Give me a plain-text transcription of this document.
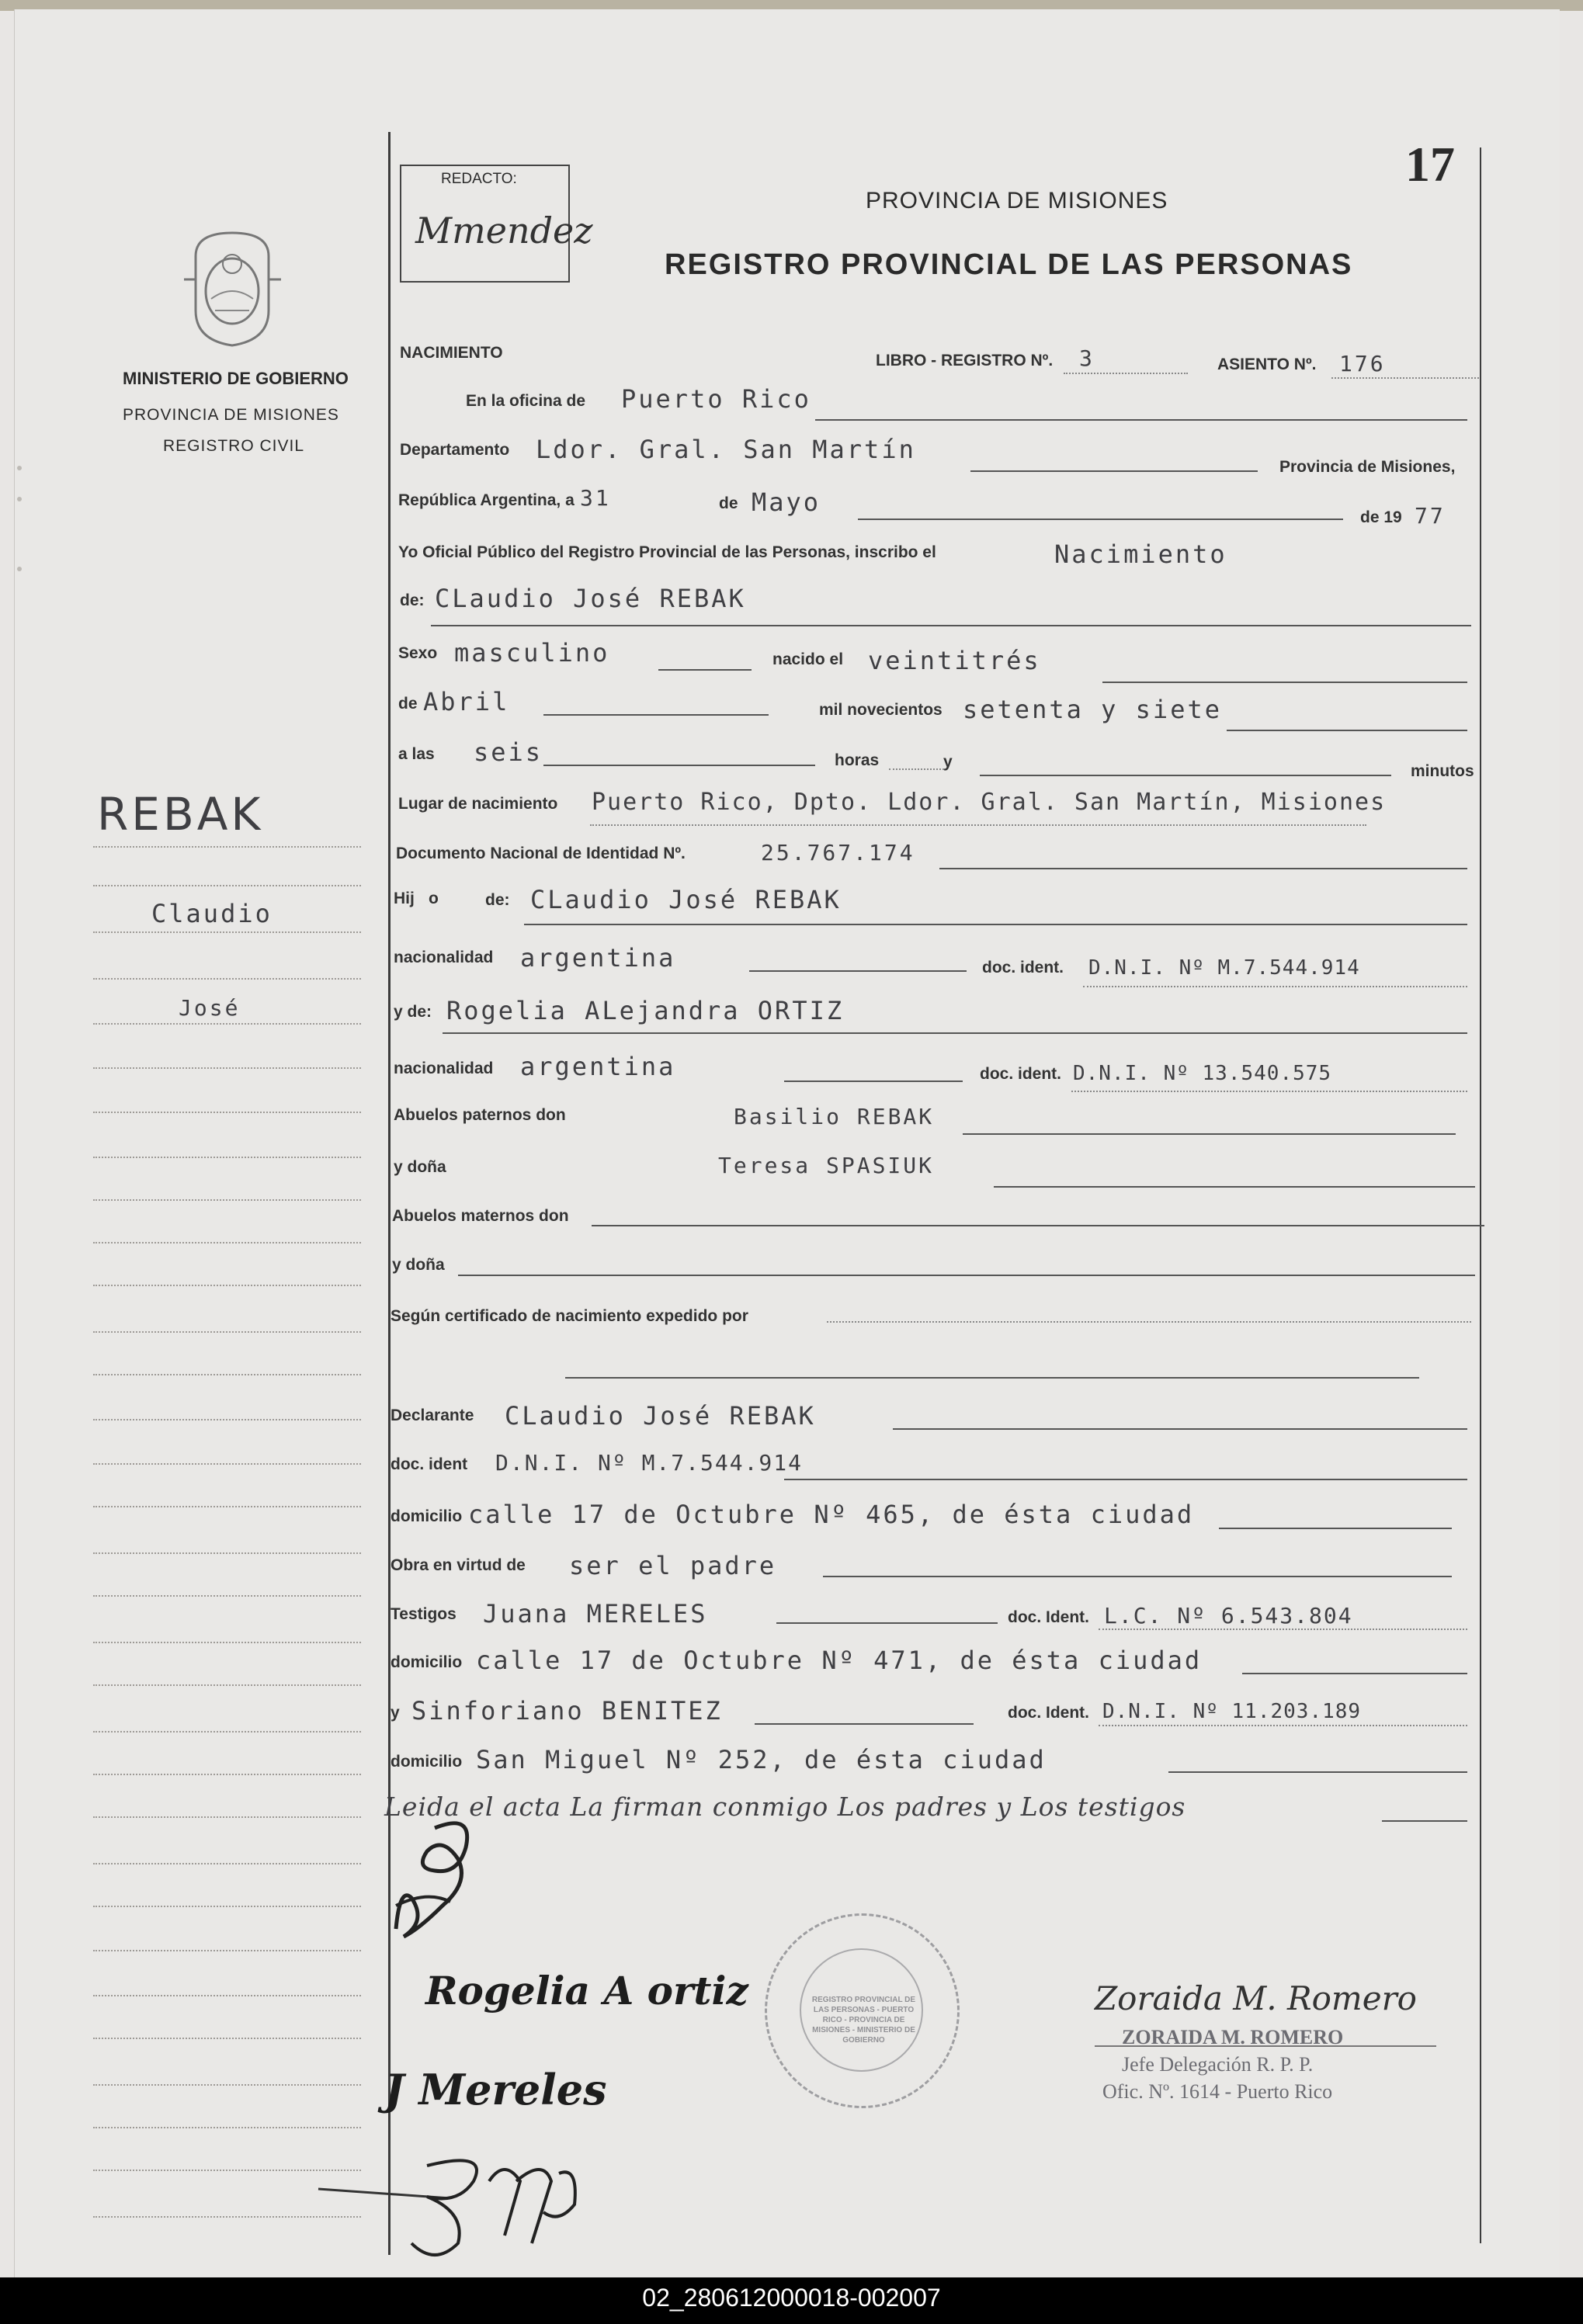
17
REDACTO:
Mmendez
PROVINCIA DE MISIONES
REGISTRO PROVINCIAL DE LAS PERSONAS
MINISTERIO DE GOBIERNO
PROVINCIA DE MISIONES
REGISTRO CIVIL
REBAK
Claudio
José
NACIMIENTO	LIBRO - REGISTRO Nº. 3	ASIENTO Nº. 176
En la oficina de Puerto Rico
Departamento Ldor. Gral. San Martín
Provincia de Misiones,
República Argentina, a 31	de Mayo
de 19 77
Yo Oficial Público del Registro Provincial de las Personas, inscribo el	Nacimiento
de: CLaudio José REBAK
Sexo masculino	nacido el veintitrés
de Abril	mil novecientos setenta y siete
a las seis	horas	y
minutos
Lugar de nacimiento Puerto Rico, Dpto. Ldor. Gral. San Martín, Misiones
Documento Nacional de Identidad Nº.	25.767.174
Hij o	de: CLaudio José REBAK
nacionalidad argentina	doc. ident. D.N.I. Nº M.7.544.914
y de: Rogelia ALejandra ORTIZ
nacionalidad argentina	doc. ident. D.N.I. Nº 13.540.575
Abuelos paternos don	Basilio REBAK
y doña	Teresa SPASIUK
Abuelos maternos don
y doña
Según certificado de nacimiento expedido por
Declarante CLaudio José REBAK
doc. ident D.N.I. Nº M.7.544.914
domicilio calle 17 de Octubre Nº 465, de ésta ciudad
Obra en virtud de ser el padre
Testigos Juana MERELES	doc. Ident. L.C. Nº 6.543.804
domicilio calle 17 de Octubre Nº 471, de ésta ciudad
y Sinforiano BENITEZ	doc. Ident. D.N.I. Nº 11.203.189
domicilio San Miguel Nº 252, de ésta ciudad
Leida el acta La firman conmigo Los padres y Los testigos
Rogelia A ortiz
J Mereles
Zoraida M. Romero
ZORAIDA M. ROMERO
Jefe Delegación R. P. P.
Ofic. Nº. 1614 - Puerto Rico
REGISTRO PROVINCIAL DE LAS PERSONAS - PUERTO RICO - PROVINCIA DE MISIONES - MINISTERIO DE GOBIERNO
02_280612000018-002007
